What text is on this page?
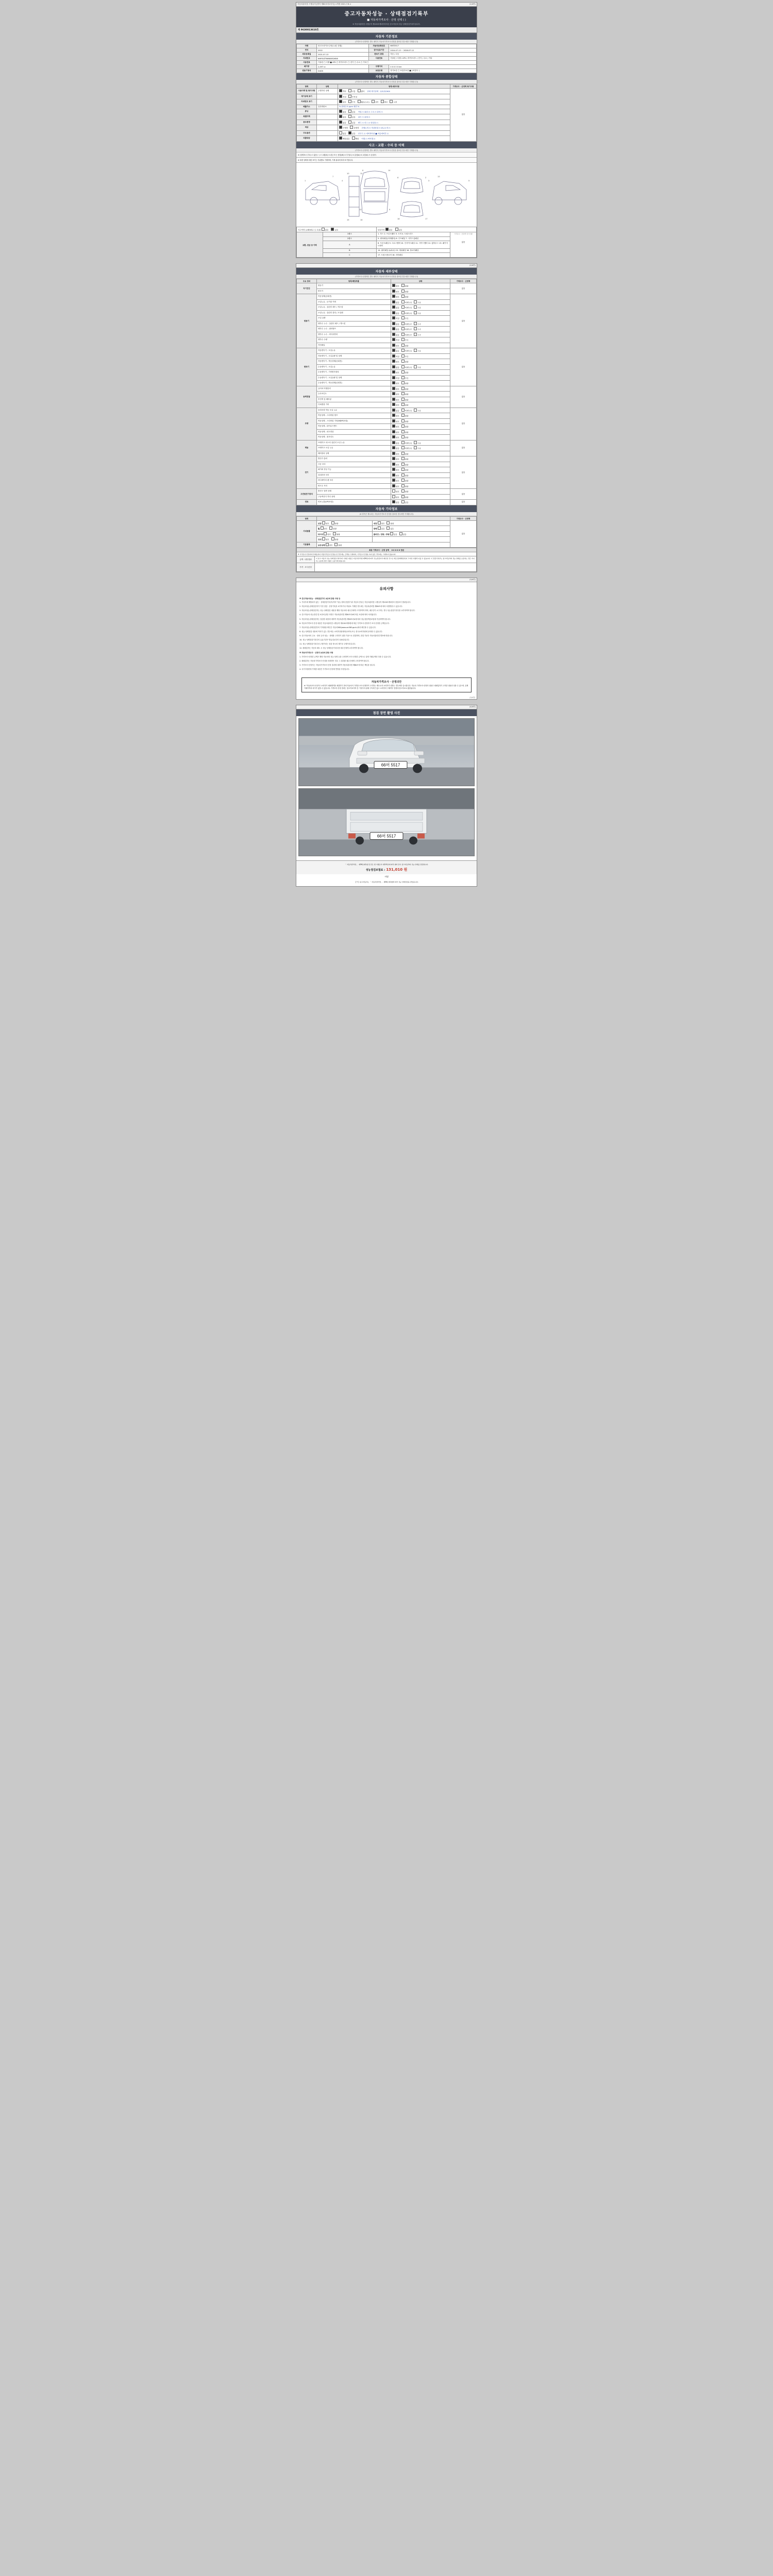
자동차관리법 시행규칙 [별지 제82호의2서식] <개정 2021.7.6.>	(1/4면)
중고자동차성능 · 상태점검기록부
■ 자동차가격조사 · 산정 선택 ( )
※ 자동차관리법 시행규칙 제120조제1항에 따른 중고자동차 성능·상태점검기록부입니다.
제 9630013610호
자동차 기본정보
(가격조사·산정액은 별도 페이지 자동차가격조사·산정을 참조한 경우에만 기재합니다)
차명	봉고3 파이오니어(1.4톤 킹캡)	자동차등록번호	66머5517
연식	2022	검사유효기간	2024-07-13 ~ 2026-07-12
최초등록일	2021-07-13	변속기 종류	자동 / 수동
차대번호	KNFSVZTK6N5852658	사용연료	가솔린 / 디젤 / LPG / 하이브리드 / 전기 / 수소 / 기타
사용연료	가솔린 □ 디젤 ■ LPG □ 하이브리드 □ 전기 □ 수소 □ 기타 □		
배기량	2,497 cc	주행거리	0 0 0 0 0 km
원동기형식	D4CB	보증유형	자가보증 □ 보험사보증 ■ (보험사: )
자동차 종합상태
(가격조사·산정액은 별도 페이지 자동차가격조사·산정을 참조한 경우에만 기재합니다)
항목	상태	항목/세부사항	가격조사 · 산정액 특기사항
사용이력 및 특이사항	주행거리 상태	적다 보통 많다 현재 계기상태 : 129,529km	없음
계기상태 표기		적정 부적정	
차대번호 표기		양호 부식 훼손(오손) 상이 변조 도말	
배출가스	일산화탄소	% 탄화수소 ppm 매연 %	
튜닝		없음 있음 적법 □ 불법 □ 구조 □ 장치 □	
특별이력		없음 있음 침수 □ 화재 □	
용도변경		없음 있음 렌트 □ 리스 □ 영업용 □	
색상		무채색 유채색 전체도색 □ 색상변경 □ 판금도색 □	
주요옵션		없음 있음 선루프 □ 내비게이션 ■ 자동에어컨 □	
리콜대상		해당없음 해당 이행 □ 미이행 □	
사고 · 교환 · 수리 등 이력
(가격조사·산정액은 별도 페이지 자동차가격조사·산정을 참조한 경우에만 기재합니다)
※ (상태표시 부호) ① 없음(－) ② 교환(X) ③ 판금 또는 용접(W) ④ 부식(C) ⑤ 흠집(A) ⑥ 요철(U) ⑦ 손상(T)
※ 차량 상태에 대한 표기는 부위별로 기재하며, 기재 위치에 따라 표기합니다.
6	14
12	9
8	2
18	17
1	4	3	5
10	11
15	16
7	13
사고이력 (교환/판금 등 포함) 없음 있음		단순수리 없음 있음	
교환, 판금 등 이력	1랭크	1. 후드 2. 프론트휀더 3. 도어 4. 트렁크리드	가격조사 · 산정액 특기사항
없음

	2랭크	5. 쿼터패널(리어휀더) 6. 루프패널 7. 사이드실패널	
	A	8. 프론트패널 9. 크로스멤버 10. 인사이드패널 11. 사이드멤버 12. 휠하우스 13. 패키지트레이	
	B	14. 필러패널 (A,B,C) 15. 대쉬패널 16. 플로어패널	
	C	17. 트렁크플로어 18. 리어패널	
(2/4면)
자동차 세부상태
(가격조사·산정액은 별도 페이지 자동차가격조사·산정을 참조한 경우에만 기재합니다)
주요 장치	항목/해당부품	상태	가격조사 · 산정액
자기진단	원동기	양호 불량	없음
	변속기	양호 불량	
원동기	작동상태(공회전)	양호 불량	없음
	오일누유 - 로커암 커버	없음 미세누유 누유	
	오일누유 - 실린더 헤드 / 개스킷	없음 미세누유 누유	
	오일누유 - 실린더 블록 / 오일팬	없음 미세누유 누유	
	오일 유량	적정 부족	
	냉각수 누수 - 실린더 헤드 / 개스킷	없음 미세누수 누수	
	냉각수 누수 - 워터펌프	없음 미세누수 누수	
	냉각수 누수 - 라디에이터	없음 미세누수 누수	
	냉각수 수량	적정 부족	
	커먼레일	양호 불량	
변속기	자동변속기 - 오일누유	없음 미세누유 누유	없음
	자동변속기 - 오일유량 및 상태	적정 부족	
	자동변속기 - 작동상태(공회전)	양호 불량	
	수동변속기 - 오일누유	없음 미세누유 누유	
	수동변속기 - 기어변속장치	양호 불량	
	수동변속기 - 오일유량 및 상태	적정 부족	
	수동변속기 - 작동상태(공회전)	양호 불량	
동력전달	클러치 어셈블리	양호 불량	없음
	등속조인트	양호 불량	
	추진축 및 베어링	양호 불량	
	디퍼렌셜 기어	양호 불량	
조향	동력조향 작동 오일 누유	없음 미세누유 누유	없음
	작동상태 - 스티어링 펌프	양호 불량	
	작동상태 - 스티어링 기어(MDPS포함)	양호 불량	
	작동상태 - 타이로드엔드	양호 불량	
	작동상태 - 피트먼암	양호 불량	
	작동상태 - 볼조인트	양호 불량	
제동	브레이크 마스터 실린더 오일 누유	없음 미세누유 누유	없음
	브레이크 오일 누유	없음 미세누유 누유	
	배력장치 상태	양호 불량	
전기	발전기 출력	양호 불량	없음
	시동 모터	양호 불량	
	와이퍼 정상 기능	양호 불량	
	실내송풍 모터	양호 불량	
	라디에이터 팬 모터	양호 불량	
	윈도우 모터	양호 불량	
고전원전기장치	충전구 절연 상태	양호 불량	없음
	구동축전지 격리 상태	양호 불량	
연료	연료누출(LPG포함)	없음 있음	없음
자동차 기타정보
(※ 항목은 제시되는 자동차가격조사·산정을 참조한 경우에만 기재합니다)
항목			가격조사 · 산정액
사내용품	외장 양호 불량	내장 양호 불량	없음
	휠 양호 불량	광택 있음 없음	
	타이어 양호 불량	룸비전 / 전방 / 후방 있음 없음	
	유리 양호 불량		
기본품목	보유상태 양호 불량		
최종 가격조사 · 산정 금액 0 0 0 0 0 천원	
※ 가격조사·산정자에 상태등록자 차량가격조사·산정을 한 경우에는 금액을 기재하며, 가격조사·산정을 하지 않은 경우에는 기재하지 않습니다.	
금액 · 내부결과	이 중고 자동차 성능·상태점검기록부에 기재된 내용은 자동차관리법 제58조에 따라 성능점검자가 확인한 것으로 매도인(매매업자)이 고지한 사항과 다를 수 있습니다. 이 점검기록부는 중고자동차의 성능·상태를 보증하는 것은 아니며, 보증에 관한 사항은 보증서에 따릅니다.
가격 · 조사산정	
(3/4면)
유의사항

※ 중고자동차성능 · 상태점검기의 보증에 관한 사항 등

1. 기록부에 해당되지 않는 · 상태점검기록부(이하 "성능·상태 점검부")의 자동차 종류는 자동차관리법 시행규칙 제120조제1항의 점검조사 범위입니다.

2. 자동차성능상태점검자가 거짓 점검 · 산정기록을 교부하거나 허위로 기재한 경우에는 자동차관리법 제80조에 따라 처벌받을 수 있습니다.

3. 자동차성능상태점검자는 성능·상태점검 내용을 해당 자동차의 매수인에게 고지하여야 하며, 매수인이 요구하는 경우 성능점검기록부를 교부하여야 합니다.

4. 중고자동차 성능점검 및 보증에 관한 사항은 자동차관리법 제58조의4에 따른 보험에 따라 처리됩니다.

5. 자동차성능상태점검자는 점검한 내용에 대하여 자동차관리법 제58조의4에 따라 성능점검책임보험에 가입하여야 합니다.

6. 자동차가격조사·산정 내용은 자동차관리법 시행규칙 제120조제3항에 따른 가격조사·산정자가 조사·산정한 금액입니다.

7. 자동차성능상태점검부의 기재내용 확인은 자동차365(www.car365.go.kr)에서 확인할 수 있습니다.

8. 성능·상태점검 내용에 이의가 있는 경우에는 소비자상담센터(1372) 또는 한국소비자원에 문의할 수 있습니다.

9. 중고자동차의 주요 · 장치 등의 성능 · 상태를 고지하기 위한 기준으로 점검하며, 점검 기준은 자동차관리법 별표에 따릅니다.

10. 성능·상태점검기록부의 유효기간은 발급일로부터 120일입니다.

11. 성능·상태점검기록부상 주행거리는 점검 당시의 계기상 주행거리입니다.

12. 매매업자는 자동차 매도 시 성능·상태점검기록부를 매수인에게 교부하여야 합니다.

※ 자동차가격조사 · 산정의 보증에 관한 사항

1. 가격조사·산정한 금액은 해당 자동차의 성능·상태 등을 고려하여 조사·산정한 금액으로 실제 거래금액과 다를 수 있습니다.

2. 매매업자는 자동차가격조사·산정을 의뢰받은 경우 그 결과를 매수인에게 고지하여야 합니다.

3. 가격조사·산정자는 자동차가격조사·산정 결과에 대하여 자동차관리법 제80조에 따른 책임을 집니다.

4. 특기사항란에 기재한 내용은 가격조사·산정에 반영된 사항입니다.

자동차가격조사 · 산정의안
※ "자동차조사·산정"은 소비자가 매매계약을 체결하기 전에 자동차의 가격을 조사·산정하여 고지하는 제도로서 소비자가 원하는 경우에만 실시합니다. 자동차 가격조사·산정의 내용은 매매업자가 고지한 내용과 다를 수 있으며, 실제 거래가격과 차이가 있을 수 있습니다. 가격조사·산정 결과는 참고자료이며 본 기록부의 판매 구속력은 없고 소비자의 구매여부 결정에 참고자료로 활용됩니다.
(3/4면)
(4/4면)
점검 장면 촬영 사진
66머 5517
66머 5517
「 자동차관리법 」 제58조제1항 및 같은 법 시행규칙 제120조에 따라 위와 같이 중고자동차의 성능·상태를 점검합니다.
성능점검보험료 : 131,010 원
서명
【 Y 】중고자동차는 「 자동차관리법 」 제58조제1항에 따라 성능·상태점검을 받았습니다.
